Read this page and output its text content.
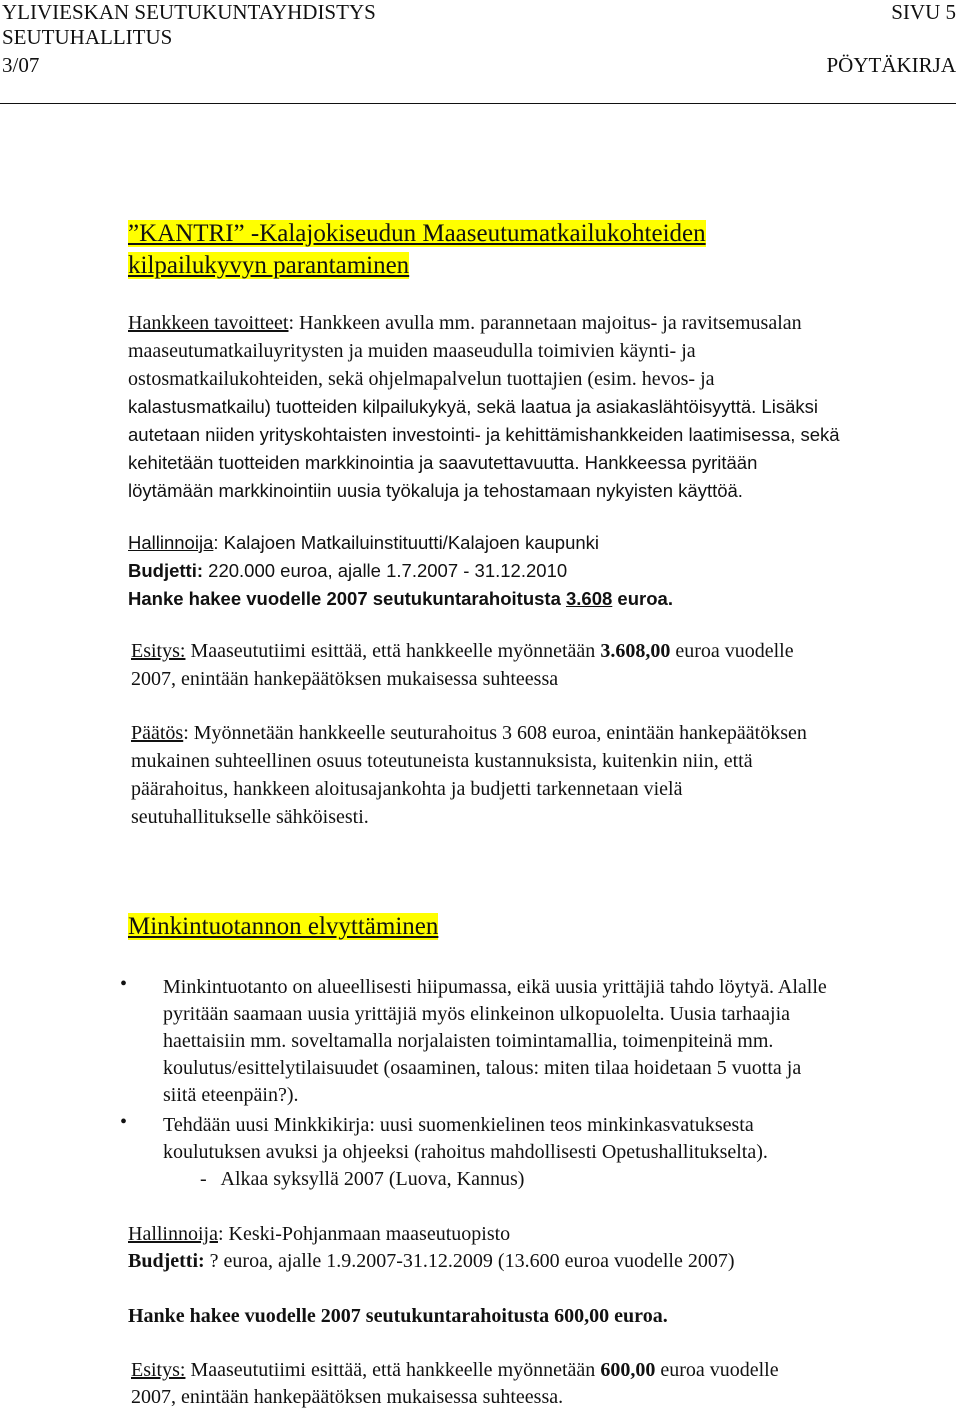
YLIVIESKAN SEUTUKUNTAYHDISTYS	SIVU 5
SEUTUHALLITUS
3/07	PÖYTÄKIRJA
”KANTRI” -Kalajokiseudun Maaseutumatkailukohteiden
kilpailukyvyn parantaminen
Hankkeen tavoitteet: Hankkeen avulla mm. parannetaan majoitus- ja ravitsemusalan
maaseutumatkailuyritysten ja muiden maaseudulla toimivien käynti- ja
ostosmatkailukohteiden, sekä ohjelmapalvelun tuottajien (esim. hevos- ja
kalastusmatkailu) tuotteiden kilpailukykyä, sekä laatua ja asiakaslähtöisyyttä. Lisäksi
autetaan niiden yrityskohtaisten investointi- ja kehittämishankkeiden laatimisessa, sekä
kehitetään tuotteiden markkinointia ja saavutettavuutta. Hankkeessa pyritään
löytämään markkinointiin uusia työkaluja ja tehostamaan nykyisten käyttöä.
Hallinnoija: Kalajoen Matkailuinstituutti/Kalajoen kaupunki
Budjetti: 220.000 euroa, ajalle 1.7.2007 - 31.12.2010
Hanke hakee vuodelle 2007 seutukuntarahoitusta 3.608 euroa.
Esitys: Maaseututiimi esittää, että hankkeelle myönnetään 3.608,00 euroa vuodelle
2007, enintään hankepäätöksen mukaisessa suhteessa
Päätös: Myönnetään hankkeelle seuturahoitus 3 608 euroa, enintään hankepäätöksen
mukainen suhteellinen osuus toteutuneista kustannuksista, kuitenkin niin, että
päärahoitus, hankkeen aloitusajankohta ja budjetti tarkennetaan vielä
seutuhallitukselle sähköisesti.
Minkintuotannon elvyttäminen
• Minkintuotanto on alueellisesti hiipumassa, eikä uusia yrittäjiä tahdo löytyä. Alalle
pyritään saamaan uusia yrittäjiä myös elinkeinon ulkopuolelta. Uusia tarhaajia
haettaisiin mm. soveltamalla norjalaisten toimintamallia, toimenpiteinä mm.
koulutus/esittelytilaisuudet (osaaminen, talous: miten tilaa hoidetaan 5 vuotta ja
siitä eteenpäin?).
• Tehdään uusi Minkkikirja: uusi suomenkielinen teos minkinkasvatuksesta
koulutuksen avuksi ja ohjeeksi (rahoitus mahdollisesti Opetushallitukselta).
-   Alkaa syksyllä 2007 (Luova, Kannus)
Hallinnoija: Keski-Pohjanmaan maaseutuopisto
Budjetti: ? euroa, ajalle 1.9.2007-31.12.2009 (13.600 euroa vuodelle 2007)
Hanke hakee vuodelle 2007 seutukuntarahoitusta 600,00 euroa.
Esitys: Maaseututiimi esittää, että hankkeelle myönnetään 600,00 euroa vuodelle
2007, enintään hankepäätöksen mukaisessa suhteessa.
